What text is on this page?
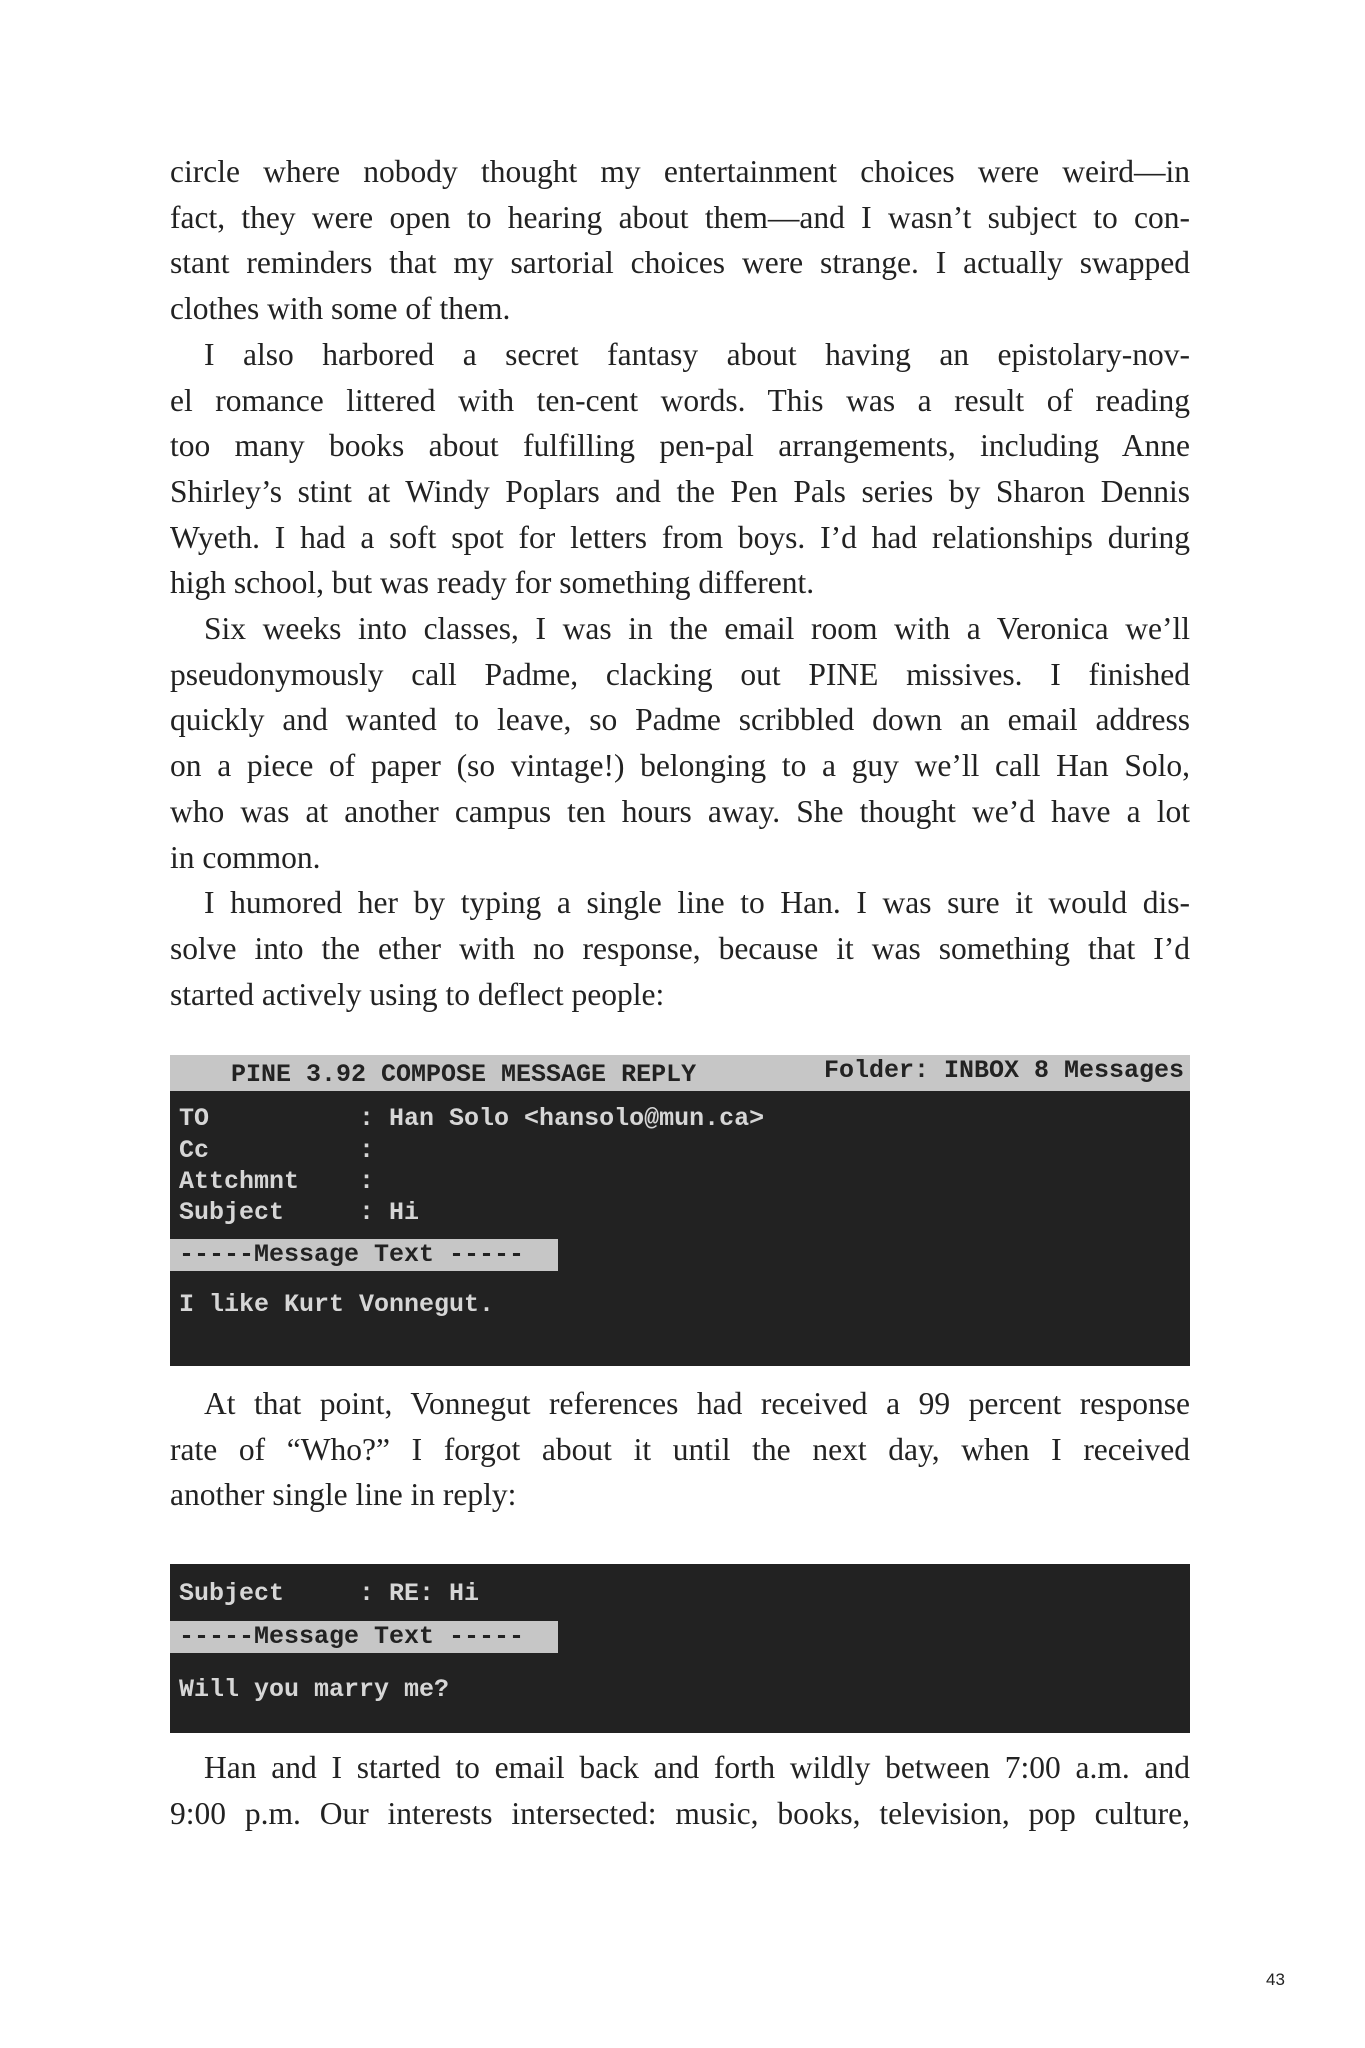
circle where nobody thought my entertainment choices were weird—in
fact, they were open to hearing about them—and I wasn’t subject to con-
stant reminders that my sartorial choices were strange. I actually swapped
clothes with some of them.
I also harbored a secret fantasy about having an epistolary-nov-
el romance littered with ten-cent words. This was a result of reading
too many books about fulfilling pen-pal arrangements, including Anne
Shirley’s stint at Windy Poplars and the Pen Pals series by Sharon Dennis
Wyeth. I had a soft spot for letters from boys. I’d had relationships during
high school, but was ready for something different.
Six weeks into classes, I was in the email room with a Veronica we’ll
pseudonymously call Padme, clacking out PINE missives. I finished
quickly and wanted to leave, so Padme scribbled down an email address
on a piece of paper (so vintage!) belonging to a guy we’ll call Han Solo,
who was at another campus ten hours away. She thought we’d have a lot
in common.
I humored her by typing a single line to Han. I was sure it would dis-
solve into the ether with no response, because it was something that I’d
started actively using to deflect people:
PINE 3.92 COMPOSE MESSAGE REPLY	Folder: INBOX 8 Messages
TO          : Han Solo <hansolo@mun.ca>
Cc          :
Attchmnt    :
Subject     : Hi
-----Message Text -----
I like Kurt Vonnegut.
At that point, Vonnegut references had received a 99 percent response
rate of “Who?” I forgot about it until the next day, when I received
another single line in reply:
Subject     : RE: Hi
-----Message Text -----
Will you marry me?
Han and I started to email back and forth wildly between 7:00 a.m. and
9:00 p.m. Our interests intersected: music, books, television, pop culture,
43
